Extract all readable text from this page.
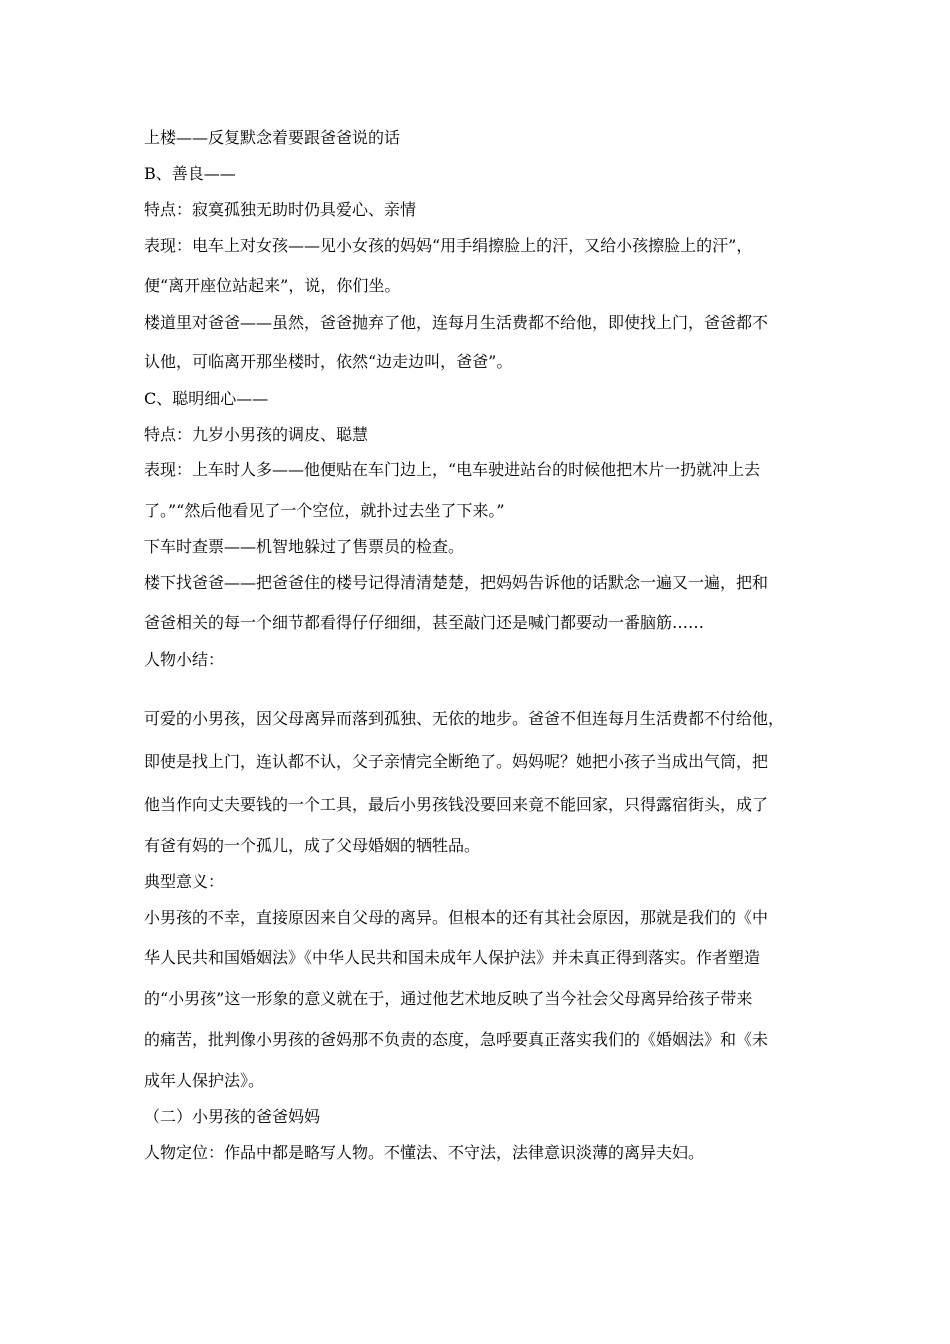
上楼——反复默念着要跟爸爸说的话

B、善良——

特点：寂寞孤独无助时仍具爱心、亲情

表现：电车上对女孩——见小女孩的妈妈“用手绢擦脸上的汗，又给小孩擦脸上的汗”，

便“离开座位站起来”，说，你们坐。

楼道里对爸爸——虽然，爸爸抛弃了他，连每月生活费都不给他，即使找上门，爸爸都不

认他，可临离开那坐楼时，依然“边走边叫，爸爸”。

C、聪明细心——

特点：九岁小男孩的调皮、聪慧

表现：上车时人多——他便贴在车门边上，“电车驶进站台的时候他把木片一扔就冲上去

了。”“然后他看见了一个空位，就扑过去坐了下来。”

下车时查票——机智地躲过了售票员的检查。

楼下找爸爸——把爸爸住的楼号记得清清楚楚，把妈妈告诉他的话默念一遍又一遍，把和

爸爸相关的每一个细节都看得仔仔细细，甚至敲门还是喊门都要动一番脑筋……

人物小结：

可爱的小男孩，因父母离异而落到孤独、无依的地步。爸爸不但连每月生活费都不付给他，

即使是找上门，连认都不认，父子亲情完全断绝了。妈妈呢？她把小孩子当成出气筒，把

他当作向丈夫要钱的一个工具，最后小男孩钱没要回来竟不能回家，只得露宿街头，成了

有爸有妈的一个孤儿，成了父母婚姻的牺牲品。

典型意义：

小男孩的不幸，直接原因来自父母的离异。但根本的还有其社会原因，那就是我们的《中

华人民共和国婚姻法》《中华人民共和国未成年人保护法》并未真正得到落实。作者塑造

的“小男孩”这一形象的意义就在于，通过他艺术地反映了当今社会父母离异给孩子带来

的痛苦，批判像小男孩的爸妈那不负责的态度，急呼要真正落实我们的《婚姻法》和《未

成年人保护法》。

（二）小男孩的爸爸妈妈

人物定位：作品中都是略写人物。不懂法、不守法，法律意识淡薄的离异夫妇。
